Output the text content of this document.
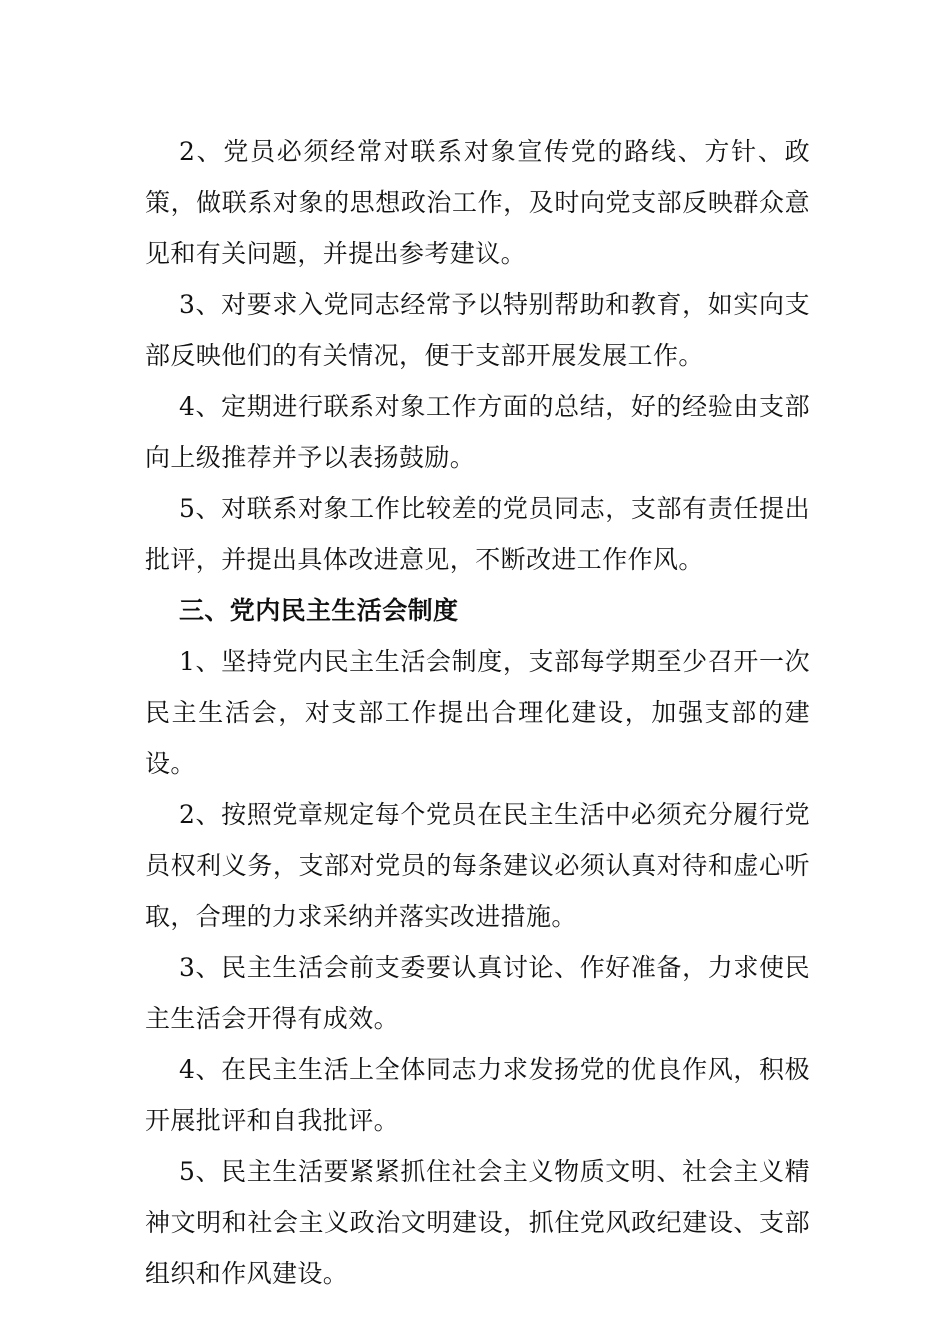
2、党员必须经常对联系对象宣传党的路线、方针、政策，做联系对象的思想政治工作，及时向党支部反映群众意见和有关问题，并提出参考建议。

3、对要求入党同志经常予以特别帮助和教育，如实向支部反映他们的有关情况，便于支部开展发展工作。

4、定期进行联系对象工作方面的总结，好的经验由支部向上级推荐并予以表扬鼓励。

5、对联系对象工作比较差的党员同志，支部有责任提出批评，并提出具体改进意见，不断改进工作作风。

三、党内民主生活会制度

1、坚持党内民主生活会制度，支部每学期至少召开一次民主生活会，对支部工作提出合理化建设，加强支部的建设。

2、按照党章规定每个党员在民主生活中必须充分履行党员权利义务，支部对党员的每条建议必须认真对待和虚心听取，合理的力求采纳并落实改进措施。

3、民主生活会前支委要认真讨论、作好准备，力求使民主生活会开得有成效。

4、在民主生活上全体同志力求发扬党的优良作风，积极开展批评和自我批评。

5、民主生活要紧紧抓住社会主义物质文明、社会主义精神文明和社会主义政治文明建设，抓住党风政纪建设、支部组织和作风建设。
